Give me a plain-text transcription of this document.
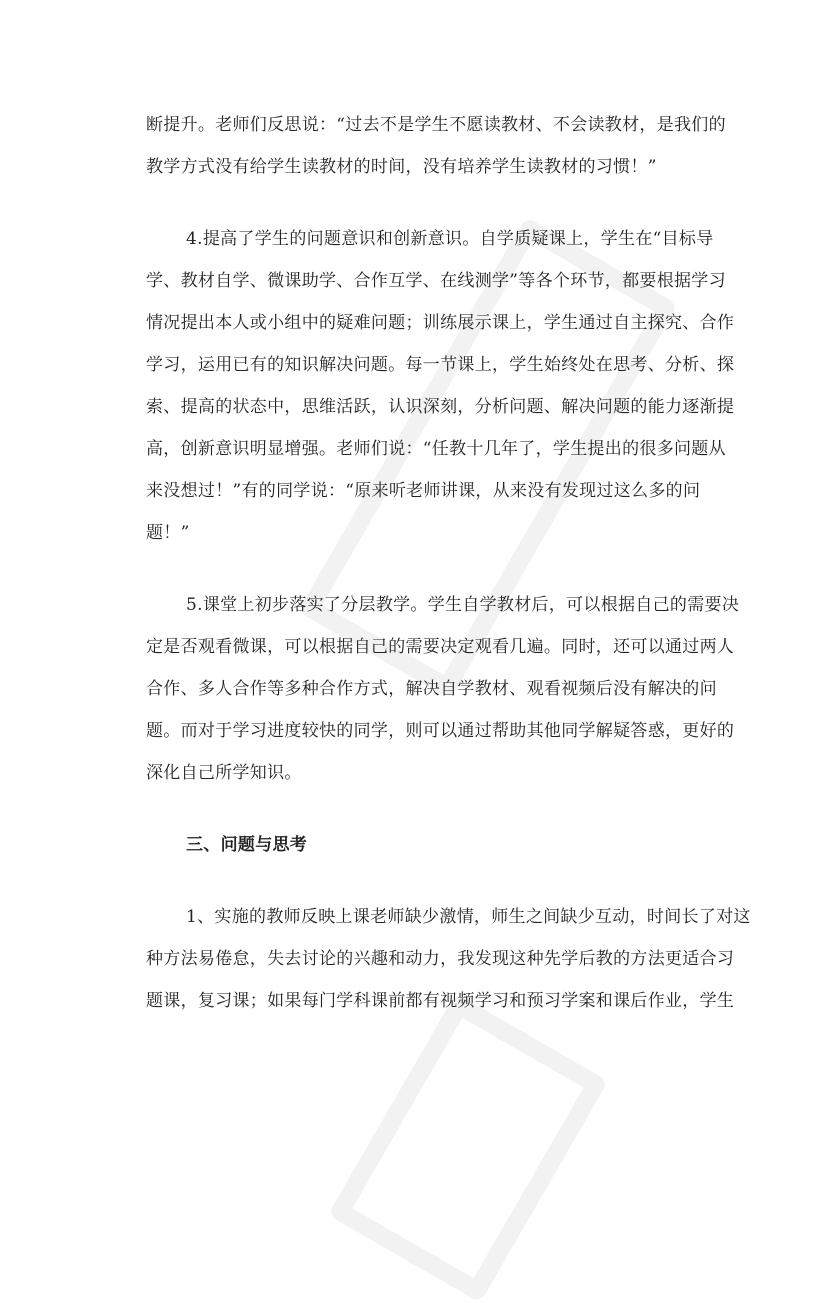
断提升。老师们反思说：“过去不是学生不愿读教材、不会读教材，是我们的
教学方式没有给学生读教材的时间，没有培养学生读教材的习惯！”
4.提高了学生的问题意识和创新意识。自学质疑课上，学生在“目标导
学、教材自学、微课助学、合作互学、在线测学”等各个环节，都要根据学习
情况提出本人或小组中的疑难问题；训练展示课上，学生通过自主探究、合作
学习，运用已有的知识解决问题。每一节课上，学生始终处在思考、分析、探
索、提高的状态中，思维活跃，认识深刻，分析问题、解决问题的能力逐渐提
高，创新意识明显增强。老师们说：“任教十几年了，学生提出的很多问题从
来没想过！”有的同学说：“原来听老师讲课，从来没有发现过这么多的问
题！”
5.课堂上初步落实了分层教学。学生自学教材后，可以根据自己的需要决
定是否观看微课，可以根据自己的需要决定观看几遍。同时，还可以通过两人
合作、多人合作等多种合作方式，解决自学教材、观看视频后没有解决的问
题。而对于学习进度较快的同学，则可以通过帮助其他同学解疑答惑，更好的
深化自己所学知识。
三、问题与思考
1、实施的教师反映上课老师缺少激情，师生之间缺少互动，时间长了对这
种方法易倦怠，失去讨论的兴趣和动力，我发现这种先学后教的方法更适合习
题课，复习课；如果每门学科课前都有视频学习和预习学案和课后作业，学生
